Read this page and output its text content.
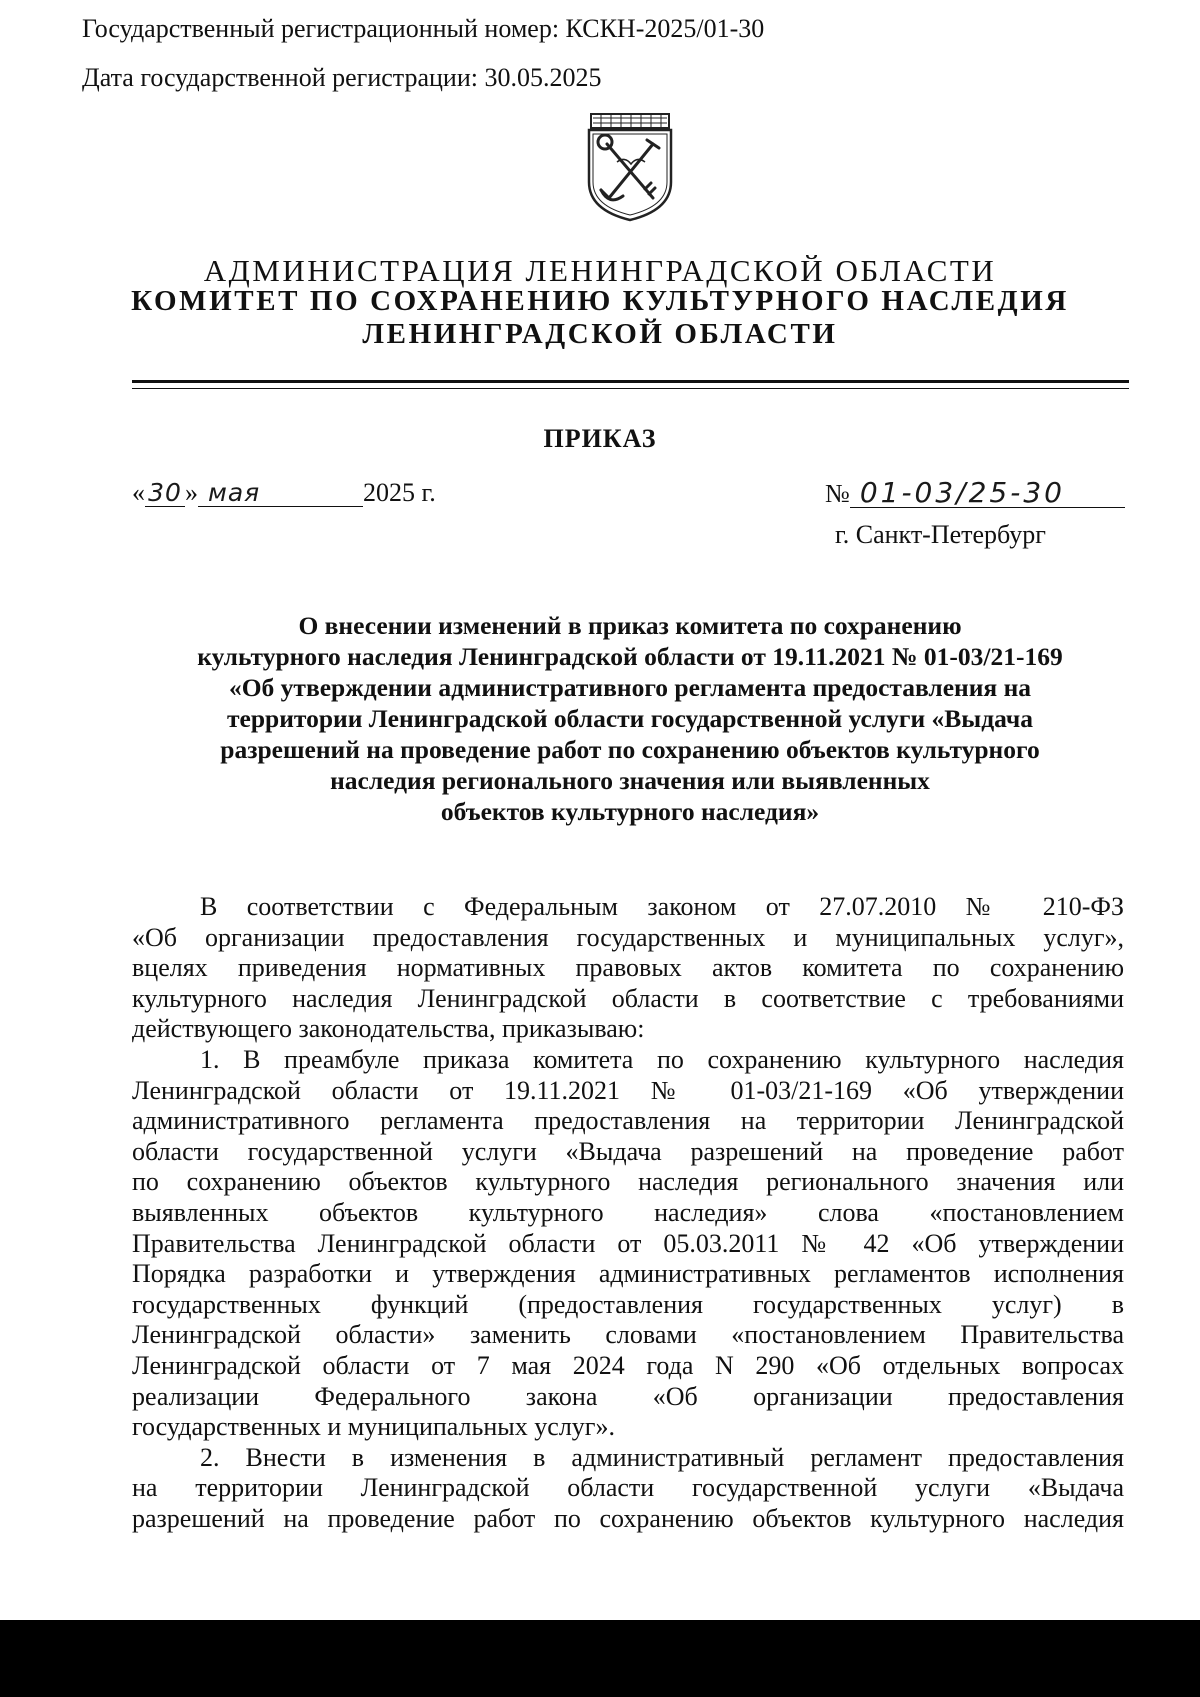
Государственный регистрационный номер: КСКН-2025/01-30

Дата государственной регистрации: 30.05.2025

АДМИНИСТРАЦИЯ ЛЕНИНГРАДСКОЙ ОБЛАСТИ

КОМИТЕТ ПО СОХРАНЕНИЮ КУЛЬТУРНОГО НАСЛЕДИЯ

ЛЕНИНГРАДСКОЙ ОБЛАСТИ

ПРИКАЗ

« 30 » мая	2025 г.	№ 01-03/25-30

г. Санкт-Петербург

О внесении изменений в приказ комитета по сохранению
культурного наследия Ленинградской области от 19.11.2021 № 01-03/21-169
«Об утверждении административного регламента предоставления на
территории Ленинградской области государственной услуги «Выдача
разрешений на проведение работ по сохранению объектов культурного
наследия регионального значения или выявленных
объектов культурного наследия»
В соответствии с Федеральным законом от 27.07.2010 № 210-ФЗ
«Об организации предоставления государственных и муниципальных услуг»,
вцелях приведения нормативных правовых актов комитета по сохранению
культурного наследия Ленинградской области в соответствие с требованиями
действующего законодательства, приказываю:
1. В преамбуле приказа комитета по сохранению культурного наследия
Ленинградской области от 19.11.2021 № 01-03/21-169 «Об утверждении
административного регламента предоставления на территории Ленинградской
области государственной услуги «Выдача разрешений на проведение работ
по сохранению объектов культурного наследия регионального значения или
выявленных объектов культурного наследия» слова «постановлением
Правительства Ленинградской области от 05.03.2011 № 42 «Об утверждении
Порядка разработки и утверждения административных регламентов исполнения
государственных функций (предоставления государственных услуг) в
Ленинградской области» заменить словами «постановлением Правительства
Ленинградской области от 7 мая 2024 года N 290 «Об отдельных вопросах
реализации Федерального закона «Об организации предоставления
государственных и муниципальных услуг».
2. Внести в изменения в административный регламент предоставления
на территории Ленинградской области государственной услуги «Выдача
разрешений на проведение работ по сохранению объектов культурного наследия
